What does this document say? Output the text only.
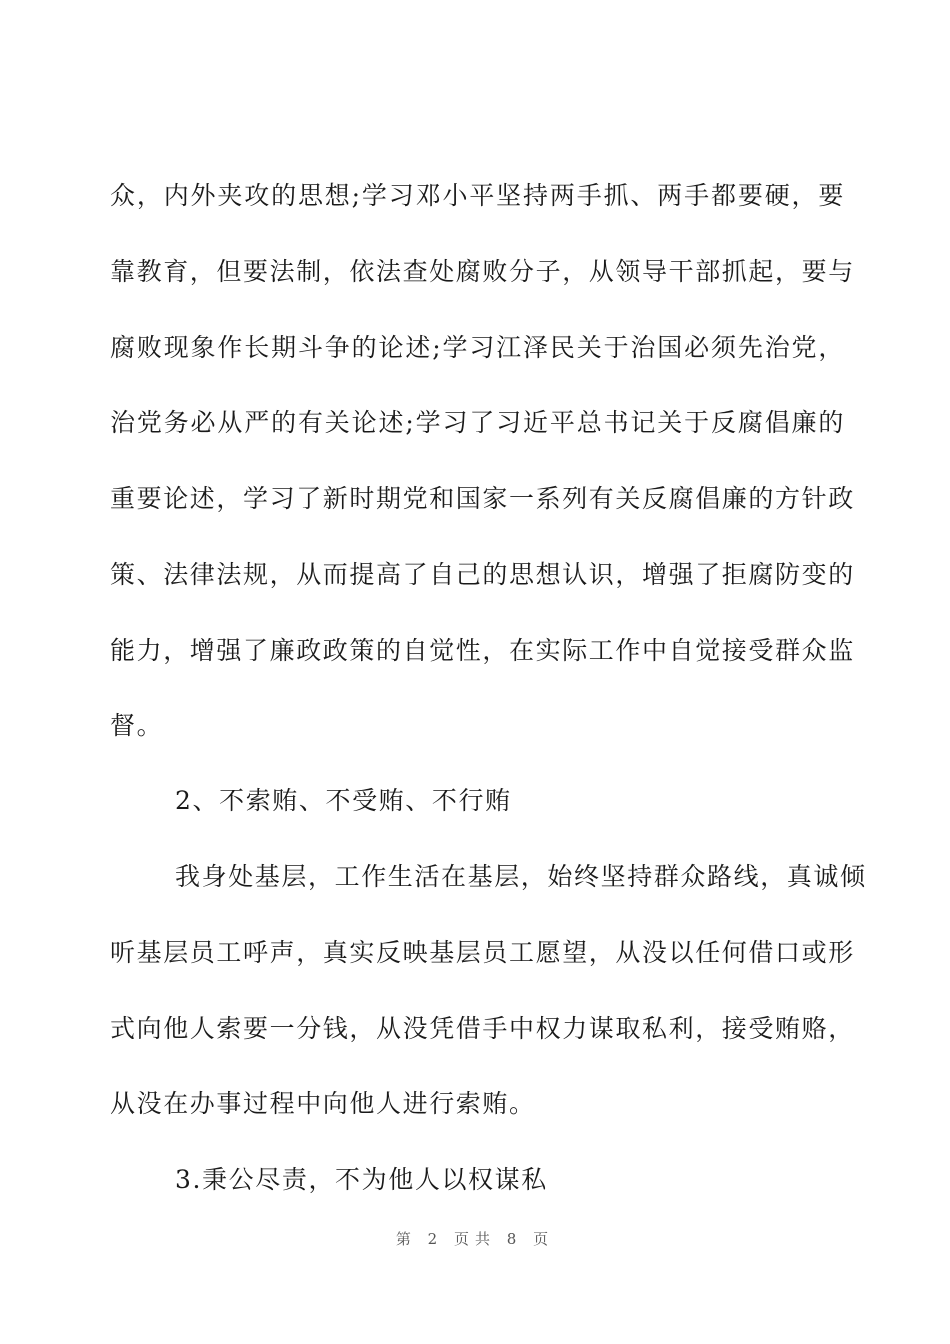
众，内外夹攻的思想;学习邓小平坚持两手抓、两手都要硬，要
靠教育，但要法制，依法查处腐败分子，从领导干部抓起，要与
腐败现象作长期斗争的论述;学习江泽民关于治国必须先治党，
治党务必从严的有关论述;学习了习近平总书记关于反腐倡廉的
重要论述，学习了新时期党和国家一系列有关反腐倡廉的方针政
策、法律法规，从而提高了自己的思想认识，增强了拒腐防变的
能力，增强了廉政政策的自觉性，在实际工作中自觉接受群众监
督。
2、不索贿、不受贿、不行贿
我身处基层，工作生活在基层，始终坚持群众路线，真诚倾
听基层员工呼声，真实反映基层员工愿望，从没以任何借口或形
式向他人索要一分钱，从没凭借手中权力谋取私利，接受贿赂，
从没在办事过程中向他人进行索贿。
3.秉公尽责，不为他人以权谋私
第 2 页共 8 页
